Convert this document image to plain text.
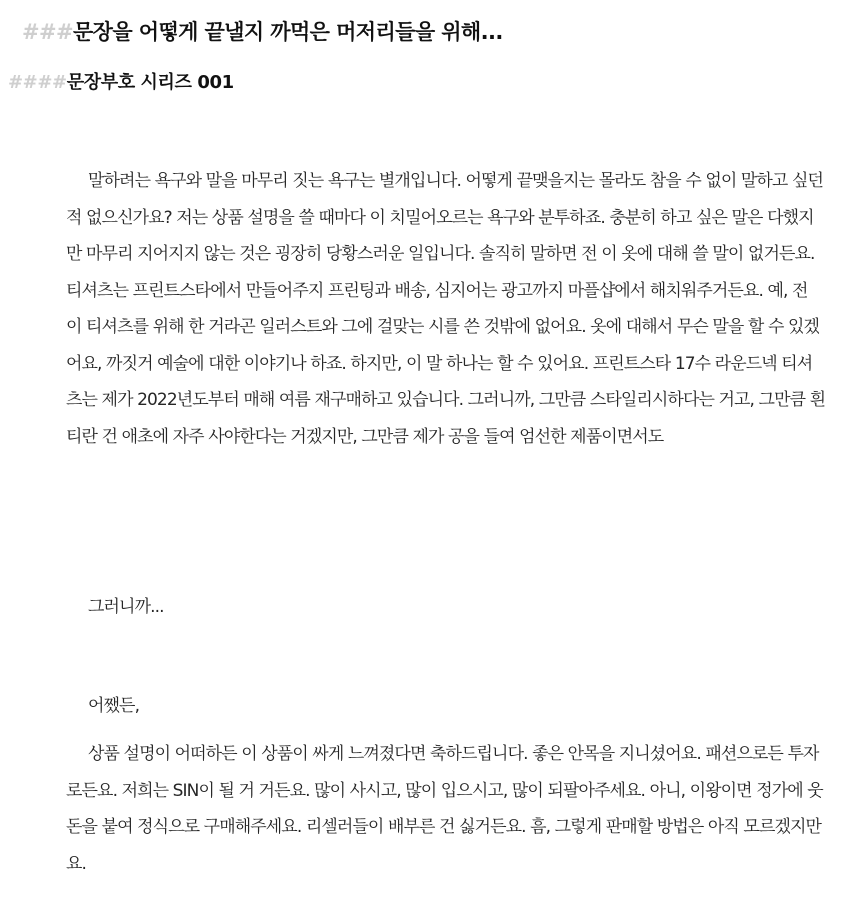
###문장을 어떻게 끝낼지 까먹은 머저리들을 위해...
####문장부호 시리즈 001

말하려는 욕구와 말을 마무리 짓는 욕구는 별개입니다. 어떻게 끝맺을지는 몰라도 참을 수 없이 말하고 싶던 적 없으신가요? 저는 상품 설명을 쓸 때마다 이 치밀어오르는 욕구와 분투하죠. 충분히 하고 싶은 말은 다했지만 마무리 지어지지 않는 것은 굉장히 당황스러운 일입니다. 솔직히 말하면 전 이 옷에 대해 쓸 말이 없거든요. 티셔츠는 프린트스타에서 만들어주지 프린팅과 배송, 심지어는 광고까지 마플샵에서 해치워주거든요. 예, 전 이 티셔츠를 위해 한 거라곤 일러스트와 그에 걸맞는 시를 쓴 것밖에 없어요. 옷에 대해서 무슨 말을 할 수 있겠어요, 까짓거 예술에 대한 이야기나 하죠. 하지만, 이 말 하나는 할 수 있어요. 프린트스타 17수 라운드넥 티셔츠는 제가 2022년도부터 매해 여름 재구매하고 있습니다. 그러니까, 그만큼 스타일리시하다는 거고, 그만큼 흰티란 건 애초에 자주 사야한다는 거겠지만, 그만큼 제가 공을 들여 엄선한 제품이면서도

그러니까...

어쨌든,

상품 설명이 어떠하든 이 상품이 싸게 느껴졌다면 축하드립니다. 좋은 안목을 지니셨어요. 패션으로든 투자로든요. 저희는 SIN이 될 거 거든요. 많이 사시고, 많이 입으시고, 많이 되팔아주세요. 아니, 이왕이면 정가에 웃돈을 붙여 정식으로 구매해주세요. 리셀러들이 배부른 건 싫거든요. 흠, 그렇게 판매할 방법은 아직 모르겠지만요.
